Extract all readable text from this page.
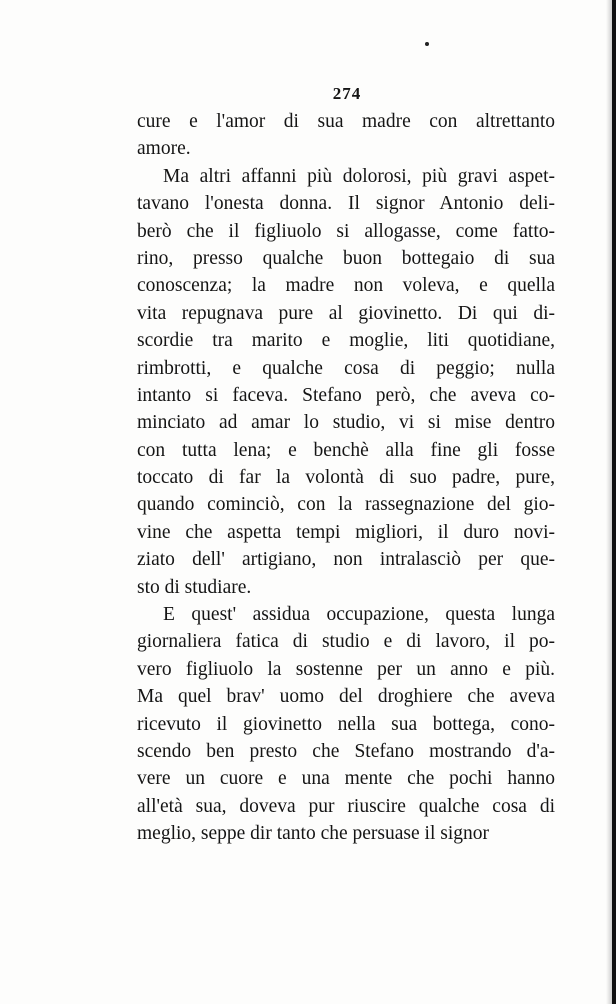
274
cure e l'amor di sua madre con altrettanto
amore.
Ma altri affanni più dolorosi, più gravi aspet-
tavano l'onesta donna. Il signor Antonio deli-
berò che il figliuolo si allogasse, come fatto-
rino, presso qualche buon bottegaio di sua
conoscenza; la madre non voleva, e quella
vita repugnava pure al giovinetto. Di qui di-
scordie tra marito e moglie, liti quotidiane,
rimbrotti, e qualche cosa di peggio; nulla
intanto si faceva. Stefano però, che aveva co-
minciato ad amar lo studio, vi si mise dentro
con tutta lena; e benchè alla fine gli fosse
toccato di far la volontà di suo padre, pure,
quando cominciò, con la rassegnazione del gio-
vine che aspetta tempi migliori, il duro novi-
ziato dell' artigiano, non intralasciò per que-
sto di studiare.
E quest' assidua occupazione, questa lunga
giornaliera fatica di studio e di lavoro, il po-
vero figliuolo la sostenne per un anno e più.
Ma quel brav' uomo del droghiere che aveva
ricevuto il giovinetto nella sua bottega, cono-
scendo ben presto che Stefano mostrando d'a-
vere un cuore e una mente che pochi hanno
all'età sua, doveva pur riuscire qualche cosa di
meglio, seppe dir tanto che persuase il signor
